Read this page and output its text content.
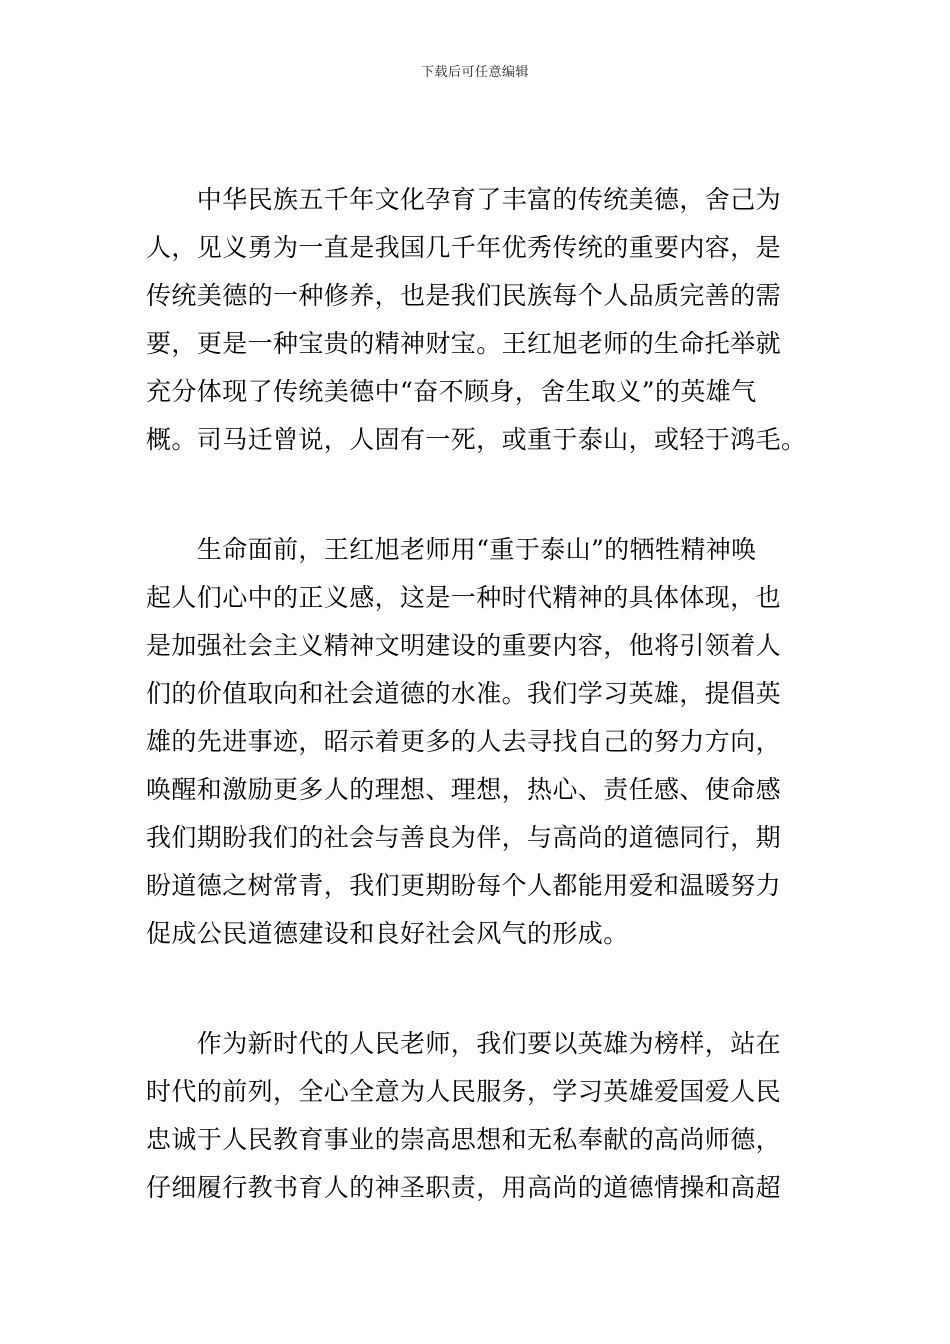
下载后可任意编辑
　　中华民族五千年文化孕育了丰富的传统美德，舍己为
人，见义勇为一直是我国几千年优秀传统的重要内容，是
传统美德的一种修养，也是我们民族每个人品质完善的需
要，更是一种宝贵的精神财宝。王红旭老师的生命托举就
充分体现了传统美德中“奋不顾身，舍生取义”的英雄气
概。司马迁曾说，人固有一死，或重于泰山，或轻于鸿毛。
　　生命面前，王红旭老师用“重于泰山”的牺牲精神唤
起人们心中的正义感，这是一种时代精神的具体体现，也
是加强社会主义精神文明建设的重要内容，他将引领着人
们的价值取向和社会道德的水准。我们学习英雄，提倡英
雄的先进事迹，昭示着更多的人去寻找自己的努力方向，
唤醒和激励更多人的理想、理想，热心、责任感、使命感
我们期盼我们的社会与善良为伴，与高尚的道德同行，期
盼道德之树常青，我们更期盼每个人都能用爱和温暖努力
促成公民道德建设和良好社会风气的形成。
　　作为新时代的人民老师，我们要以英雄为榜样，站在
时代的前列，全心全意为人民服务，学习英雄爱国爱人民
忠诚于人民教育事业的崇高思想和无私奉献的高尚师德，
仔细履行教书育人的神圣职责，用高尚的道德情操和高超
